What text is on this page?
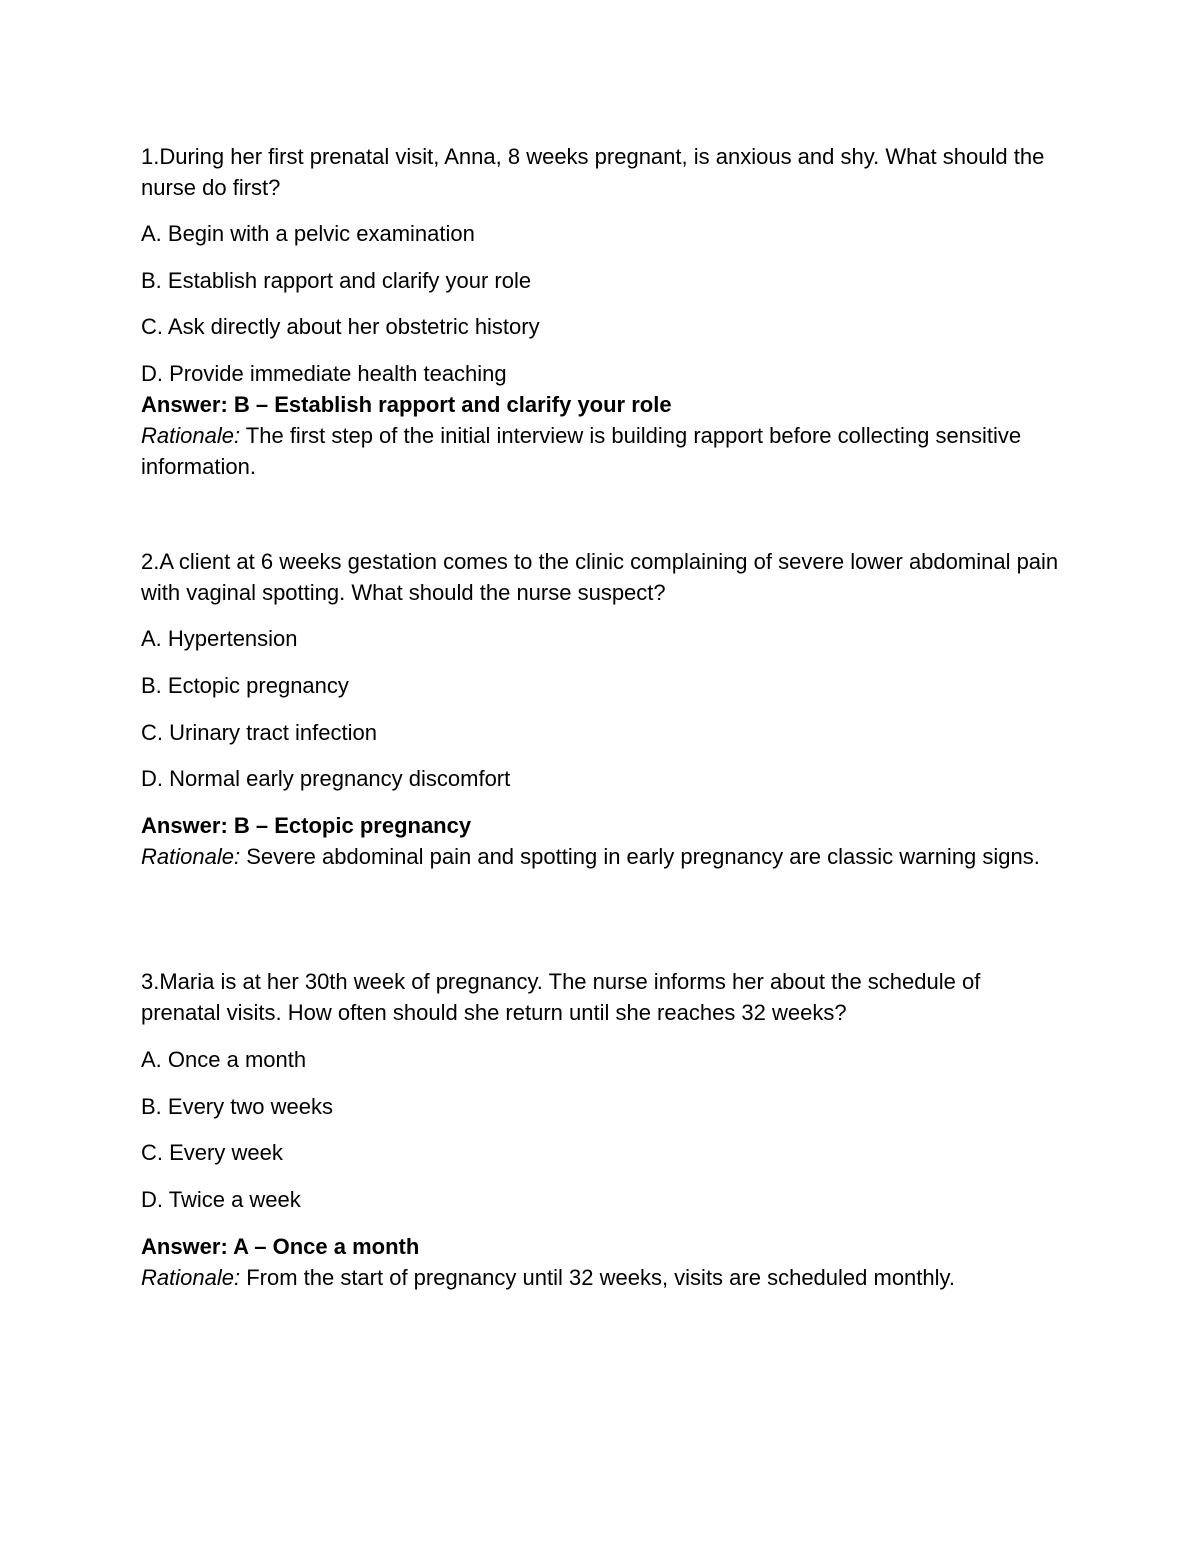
1.During her first prenatal visit, Anna, 8 weeks pregnant, is anxious and shy. What should the nurse do first?

A. Begin with a pelvic examination

B. Establish rapport and clarify your role

C. Ask directly about her obstetric history

D. Provide immediate health teaching

Answer: B – Establish rapport and clarify your role

Rationale: The first step of the initial interview is building rapport before collecting sensitive information.

2.A client at 6 weeks gestation comes to the clinic complaining of severe lower abdominal pain with vaginal spotting. What should the nurse suspect?

A. Hypertension

B. Ectopic pregnancy

C. Urinary tract infection

D. Normal early pregnancy discomfort

Answer: B – Ectopic pregnancy

Rationale: Severe abdominal pain and spotting in early pregnancy are classic warning signs.

3.Maria is at her 30th week of pregnancy. The nurse informs her about the schedule of prenatal visits. How often should she return until she reaches 32 weeks?

A. Once a month

B. Every two weeks

C. Every week

D. Twice a week

Answer: A – Once a month

Rationale: From the start of pregnancy until 32 weeks, visits are scheduled monthly.
